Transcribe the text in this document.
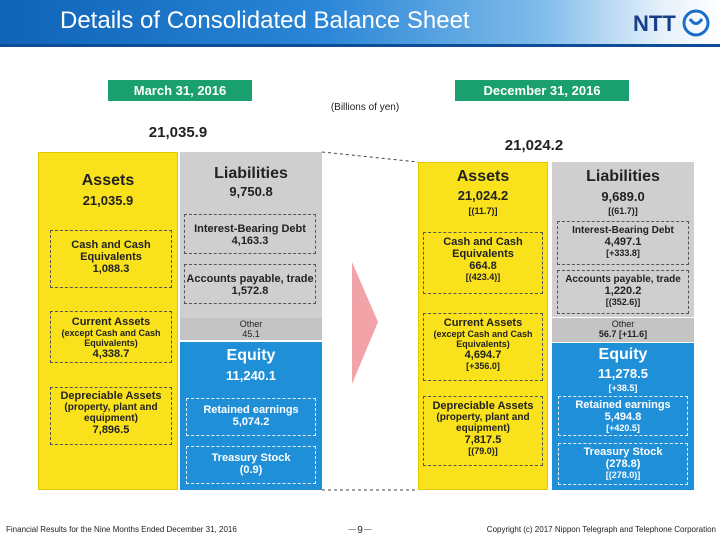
Details of Consolidated Balance Sheet	NTT
March 31, 2016	December 31, 2016
(Billions of yen)
21,035.9
21,024.2
Assets
21,035.9
Cash and Cash Equivalents
1,088.3
Current Assets
(except Cash and Cash Equivalents)
4,338.7
Depreciable Assets
(property, plant and equipment)
7,896.5
Liabilities
9,750.8
Interest-Bearing Debt
4,163.3
Accounts payable, trade
1,572.8
Other
45.1
Equity
11,240.1
Retained earnings
5,074.2
Treasury Stock
(0.9)
Assets
21,024.2
[(11.7)]
Cash and Cash Equivalents
664.8
[(423.4)]
Current Assets
(except Cash and Cash Equivalents)
4,694.7
[+356.0]
Depreciable Assets
(property, plant and equipment)
7,817.5
[(79.0)]
Liabilities
9,689.0
[(61.7)]
Interest-Bearing Debt
4,497.1
[+333.8]
Accounts payable, trade
1,220.2
[(352.6)]
Other
56.7 [+11.6]
Equity
11,278.5
[+38.5]
Retained earnings
5,494.8
[+420.5]
Treasury Stock
(278.8)
[(278.0)]
Financial Results for the Nine Months Ended December 31, 2016	－9－	Copyright (c) 2017 Nippon Telegraph and Telephone Corporation
